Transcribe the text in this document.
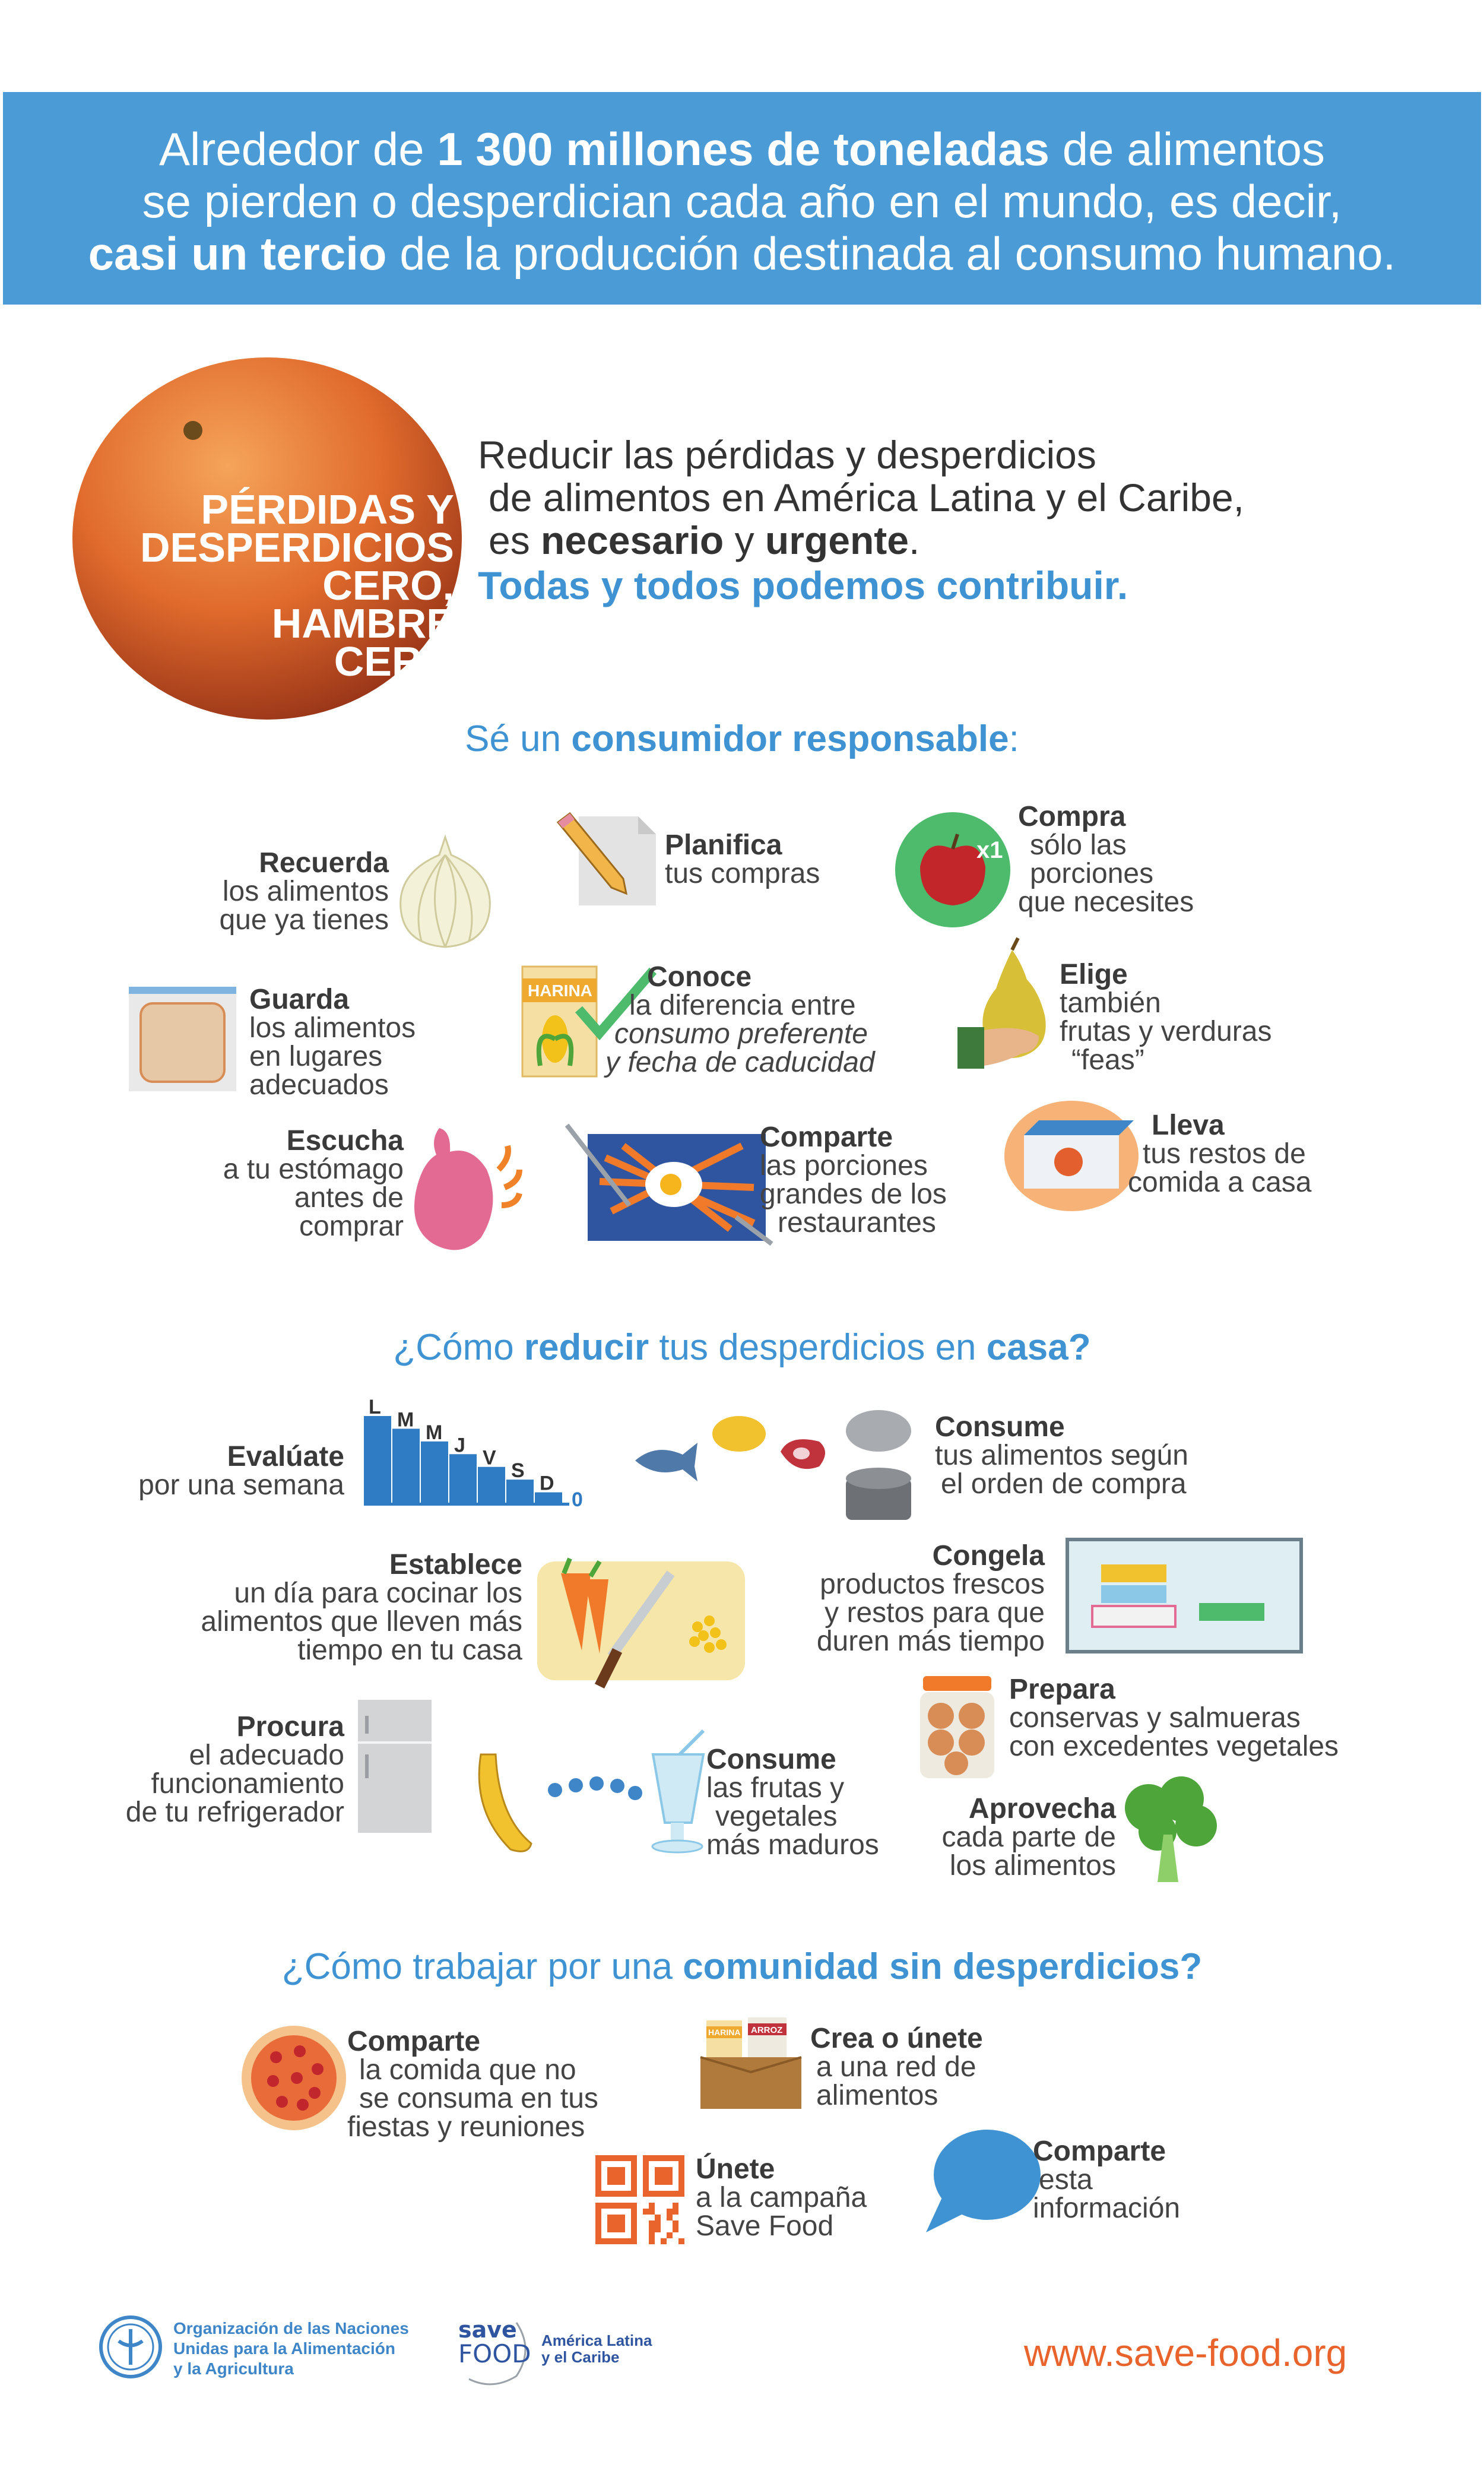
Alrededor de 1 300 millones de toneladas de alimentos
se pierden o desperdician cada año en el mundo, es decir,
casi un tercio de la producción destinada al consumo humano.
PÉRDIDAS Y
DESPERDICIOS
CERO,
HAMBRE
CERO
Reducir las pérdidas y desperdicios
de alimentos en América Latina y el Caribe,
es necesario y urgente.
Todas y todos podemos contribuir.
Sé un consumidor responsable:
Recuerda
los alimentos
que ya tienes
Planifica
tus compras
x1
Compra
sólo las
porciones
que necesites
Guarda
los alimentos
en lugares
adecuados
HARINA	Conoce
la diferencia entre
consumo preferente
y fecha de caducidad
Elige
también
frutas y verduras
“feas”
Escucha
a tu estómago
antes de
comprar
Comparte
las porciones
grandes de los
restaurantes
Lleva
tus restos de
comida a casa
¿Cómo reducir tus desperdicios en casa?
Evalúate
por una semana
L
M
M
J
V
S
D
0
Consume
tus alimentos según
el orden de compra
Establece
un día para cocinar los
alimentos que lleven más
tiempo en tu casa
Congela
productos frescos
y restos para que
duren más tiempo
Prepara
conservas y salmueras
con excedentes vegetales
Procura
el adecuado
funcionamiento
de tu refrigerador
Consume
las frutas y
vegetales
más maduros
Aprovecha
cada parte de
los alimentos
¿Cómo trabajar por una comunidad sin desperdicios?
Comparte
la comida que no
se consuma en tus
fiestas y reuniones
HARINA ARROZ Crea o únete
a una red de
alimentos
Únete
a la campaña
Save Food
Comparte
esta
información
Organización de las Naciones
Unidas para la Alimentación
y la Agricultura
save
FOOD América Latina
y el Caribe	www.save-food.org
